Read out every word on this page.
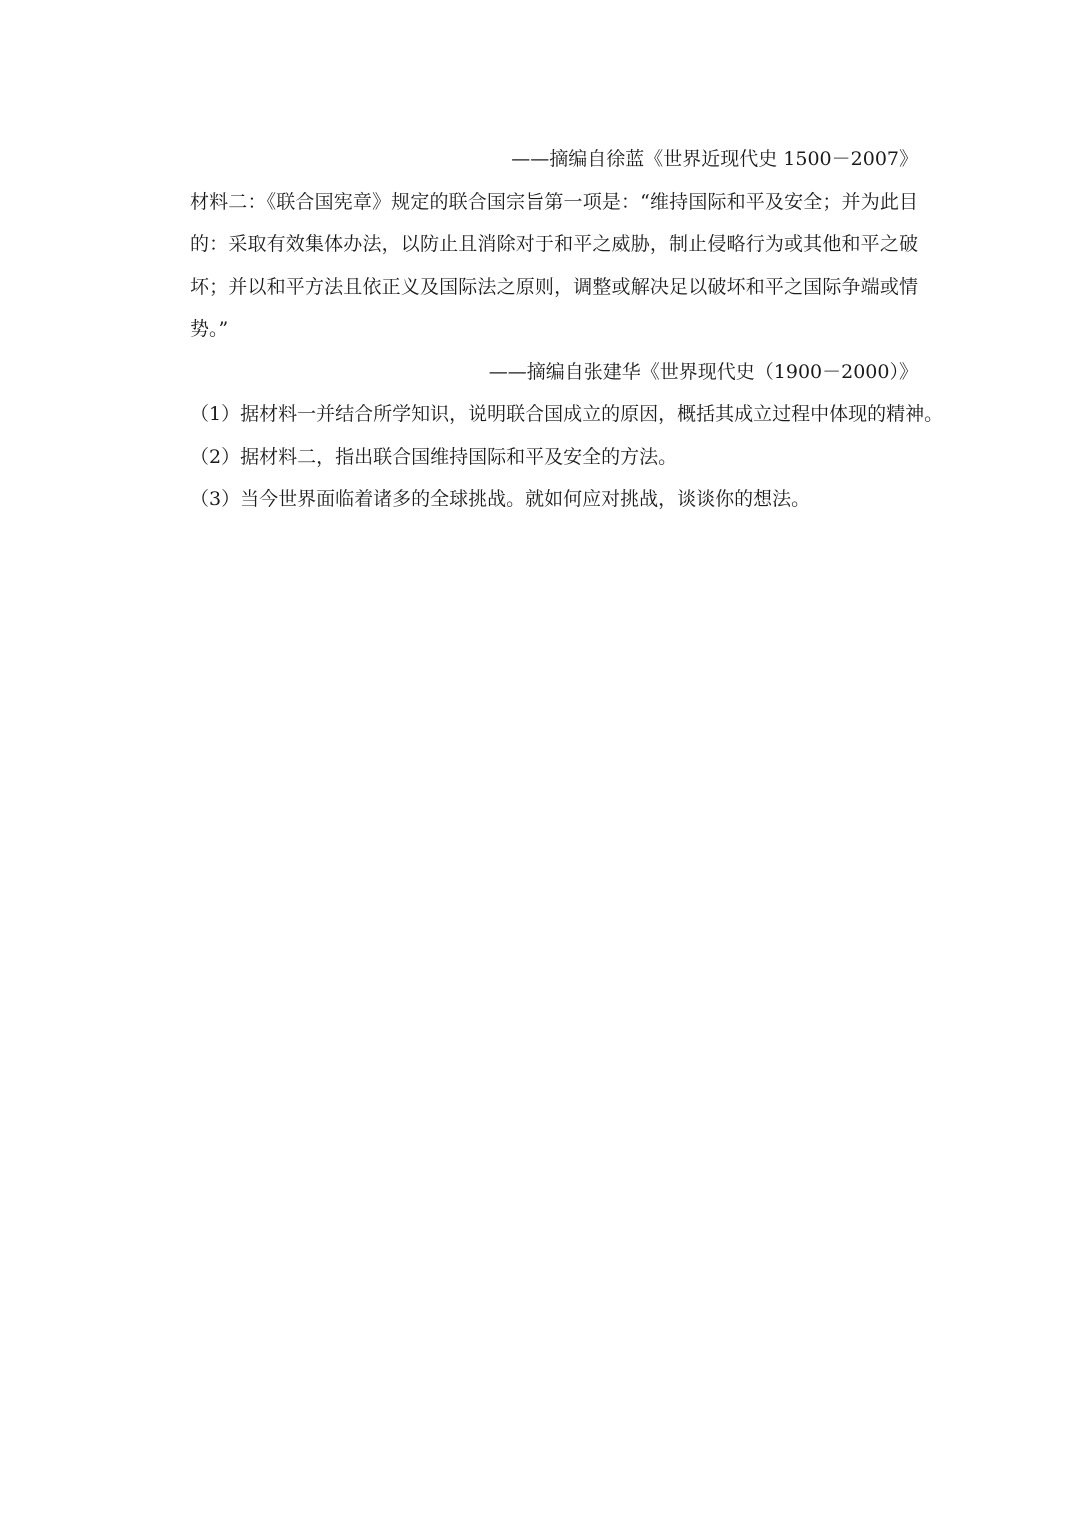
——摘编自徐蓝《世界近现代史 1500－2007》
材料二：《联合国宪章》规定的联合国宗旨第一项是：“维持国际和平及安全；并为此目的：采取有效集体办法，以防止且消除对于和平之威胁，制止侵略行为或其他和平之破坏；并以和平方法且依正义及国际法之原则，调整或解决足以破坏和平之国际争端或情势。”
——摘编自张建华《世界现代史（1900－2000）》
（1）据材料一并结合所学知识，说明联合国成立的原因，概括其成立过程中体现的精神。
（2）据材料二，指出联合国维持国际和平及安全的方法。
（3）当今世界面临着诸多的全球挑战。就如何应对挑战，谈谈你的想法。
